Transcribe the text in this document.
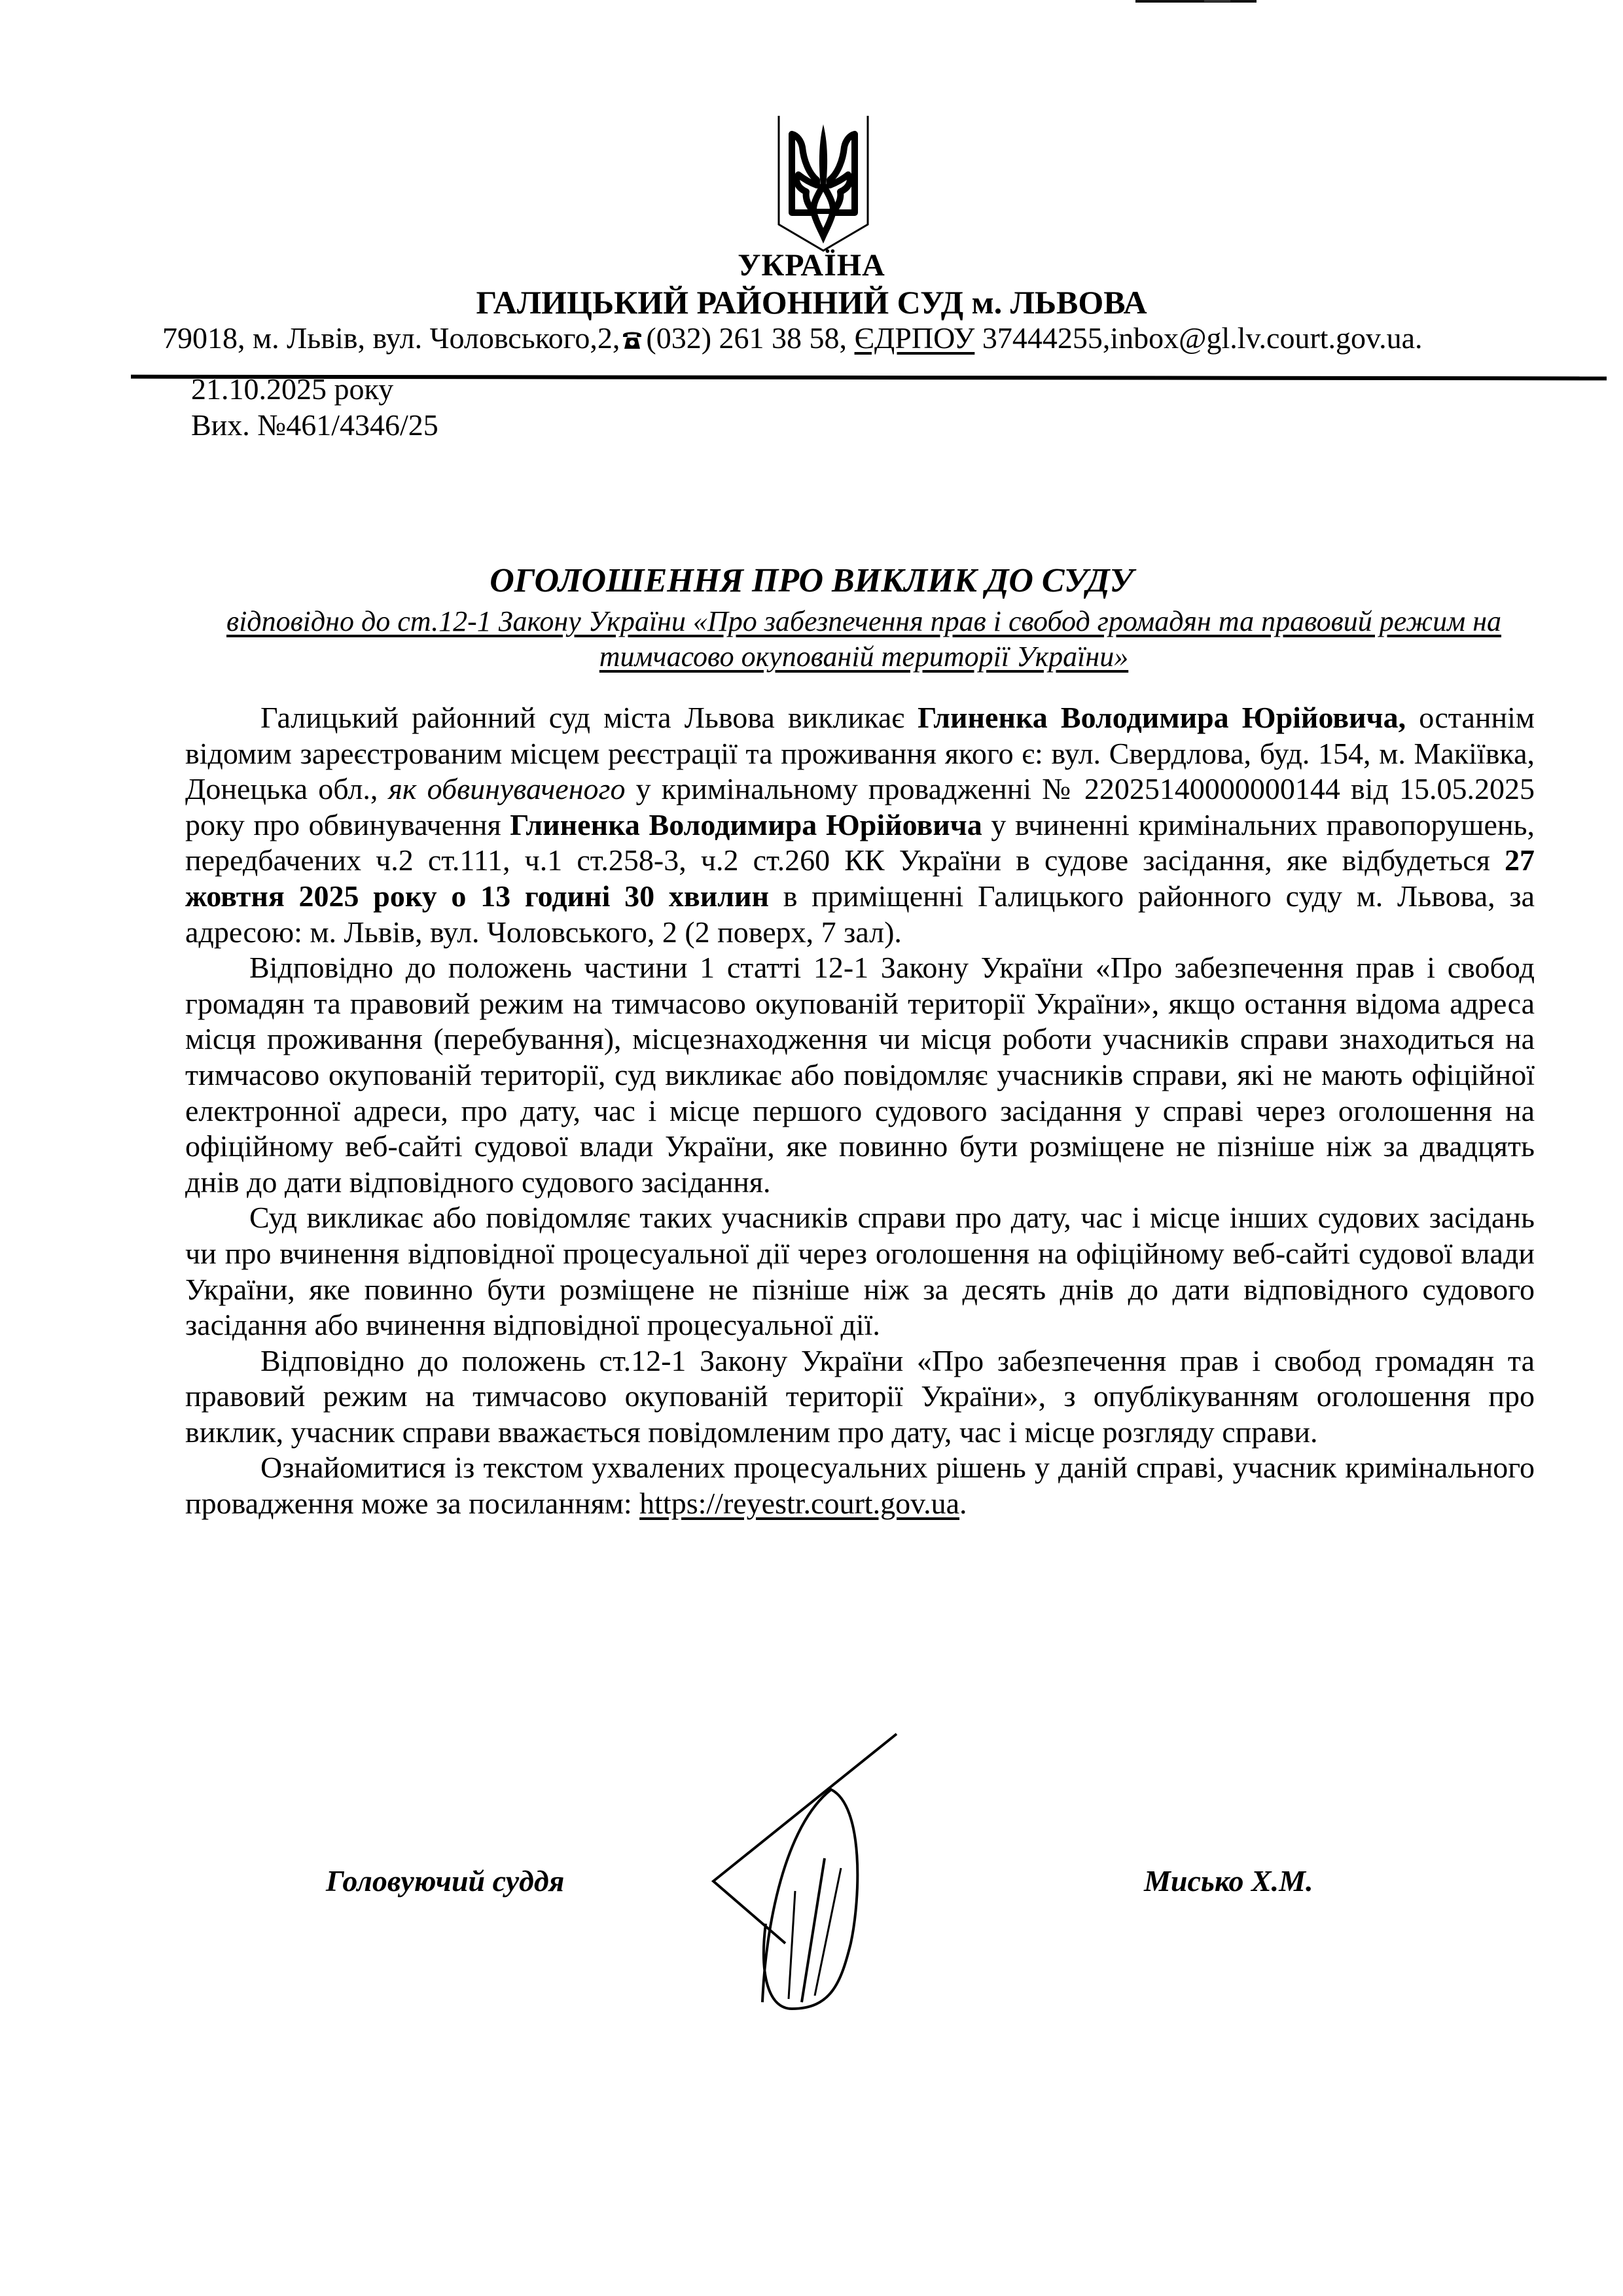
УКРАЇНА
ГАЛИЦЬКИЙ РАЙОННИЙ СУД м. ЛЬВОВА
79018, м. Львів, вул. Чоловського,2, (032) 261 38 58, ЄДРПОУ 37444255,inbox@gl.lv.court.gov.ua.
21.10.2025 року
Вих. №461/4346/25
ОГОЛОШЕННЯ ПРО ВИКЛИК ДО СУДУ
відповідно до ст.12-1 Закону України «Про забезпечення прав і свобод громадян та правовий режим на тимчасово окупованій території України»

Галицький районний суд міста Львова викликає Глиненка Володимира Юрійовича, останнім відомим зареєстрованим місцем реєстрації та проживання якого є: вул. Свердлова, буд. 154, м. Макіївка, Донецька обл., як обвинуваченого у кримінальному провадженні № 22025140000000144 від 15.05.2025 року про обвинувачення Глиненка Володимира Юрійовича у вчиненні кримінальних правопорушень, передбачених ч.2 ст.111, ч.1 ст.258-3, ч.2 ст.260 КК України в судове засідання, яке відбудеться 27 жовтня 2025 року о 13 годині 30 хвилин в приміщенні Галицького районного суду м. Львова, за адресою: м. Львів, вул. Чоловського, 2 (2 поверх, 7 зал).

Відповідно до положень частини 1 статті 12-1 Закону України «Про забезпечення прав і свобод громадян та правовий режим на тимчасово окупованій території України», якщо остання відома адреса місця проживання (перебування), місцезнаходження чи місця роботи учасників справи знаходиться на тимчасово окупованій території, суд викликає або повідомляє учасників справи, які не мають офіційної електронної адреси, про дату, час і місце першого судового засідання у справі через оголошення на офіційному веб-сайті судової влади України, яке повинно бути розміщене не пізніше ніж за двадцять днів до дати відповідного судового засідання.

Суд викликає або повідомляє таких учасників справи про дату, час і місце інших судових засідань чи про вчинення відповідної процесуальної дії через оголошення на офіційному веб-сайті судової влади України, яке повинно бути розміщене не пізніше ніж за десять днів до дати відповідного судового засідання або вчинення відповідної процесуальної дії.

Відповідно до положень ст.12-1 Закону України «Про забезпечення прав і свобод громадян та правовий режим на тимчасово окупованій території України», з опублікуванням оголошення про виклик, учасник справи вважається повідомленим про дату, час і місце розгляду справи.

Ознайомитися із текстом ухвалених процесуальних рішень у даній справі, учасник кримінального провадження може за посиланням: https://reyestr.court.gov.ua.

Головуючий суддя	Мисько Х.М.
